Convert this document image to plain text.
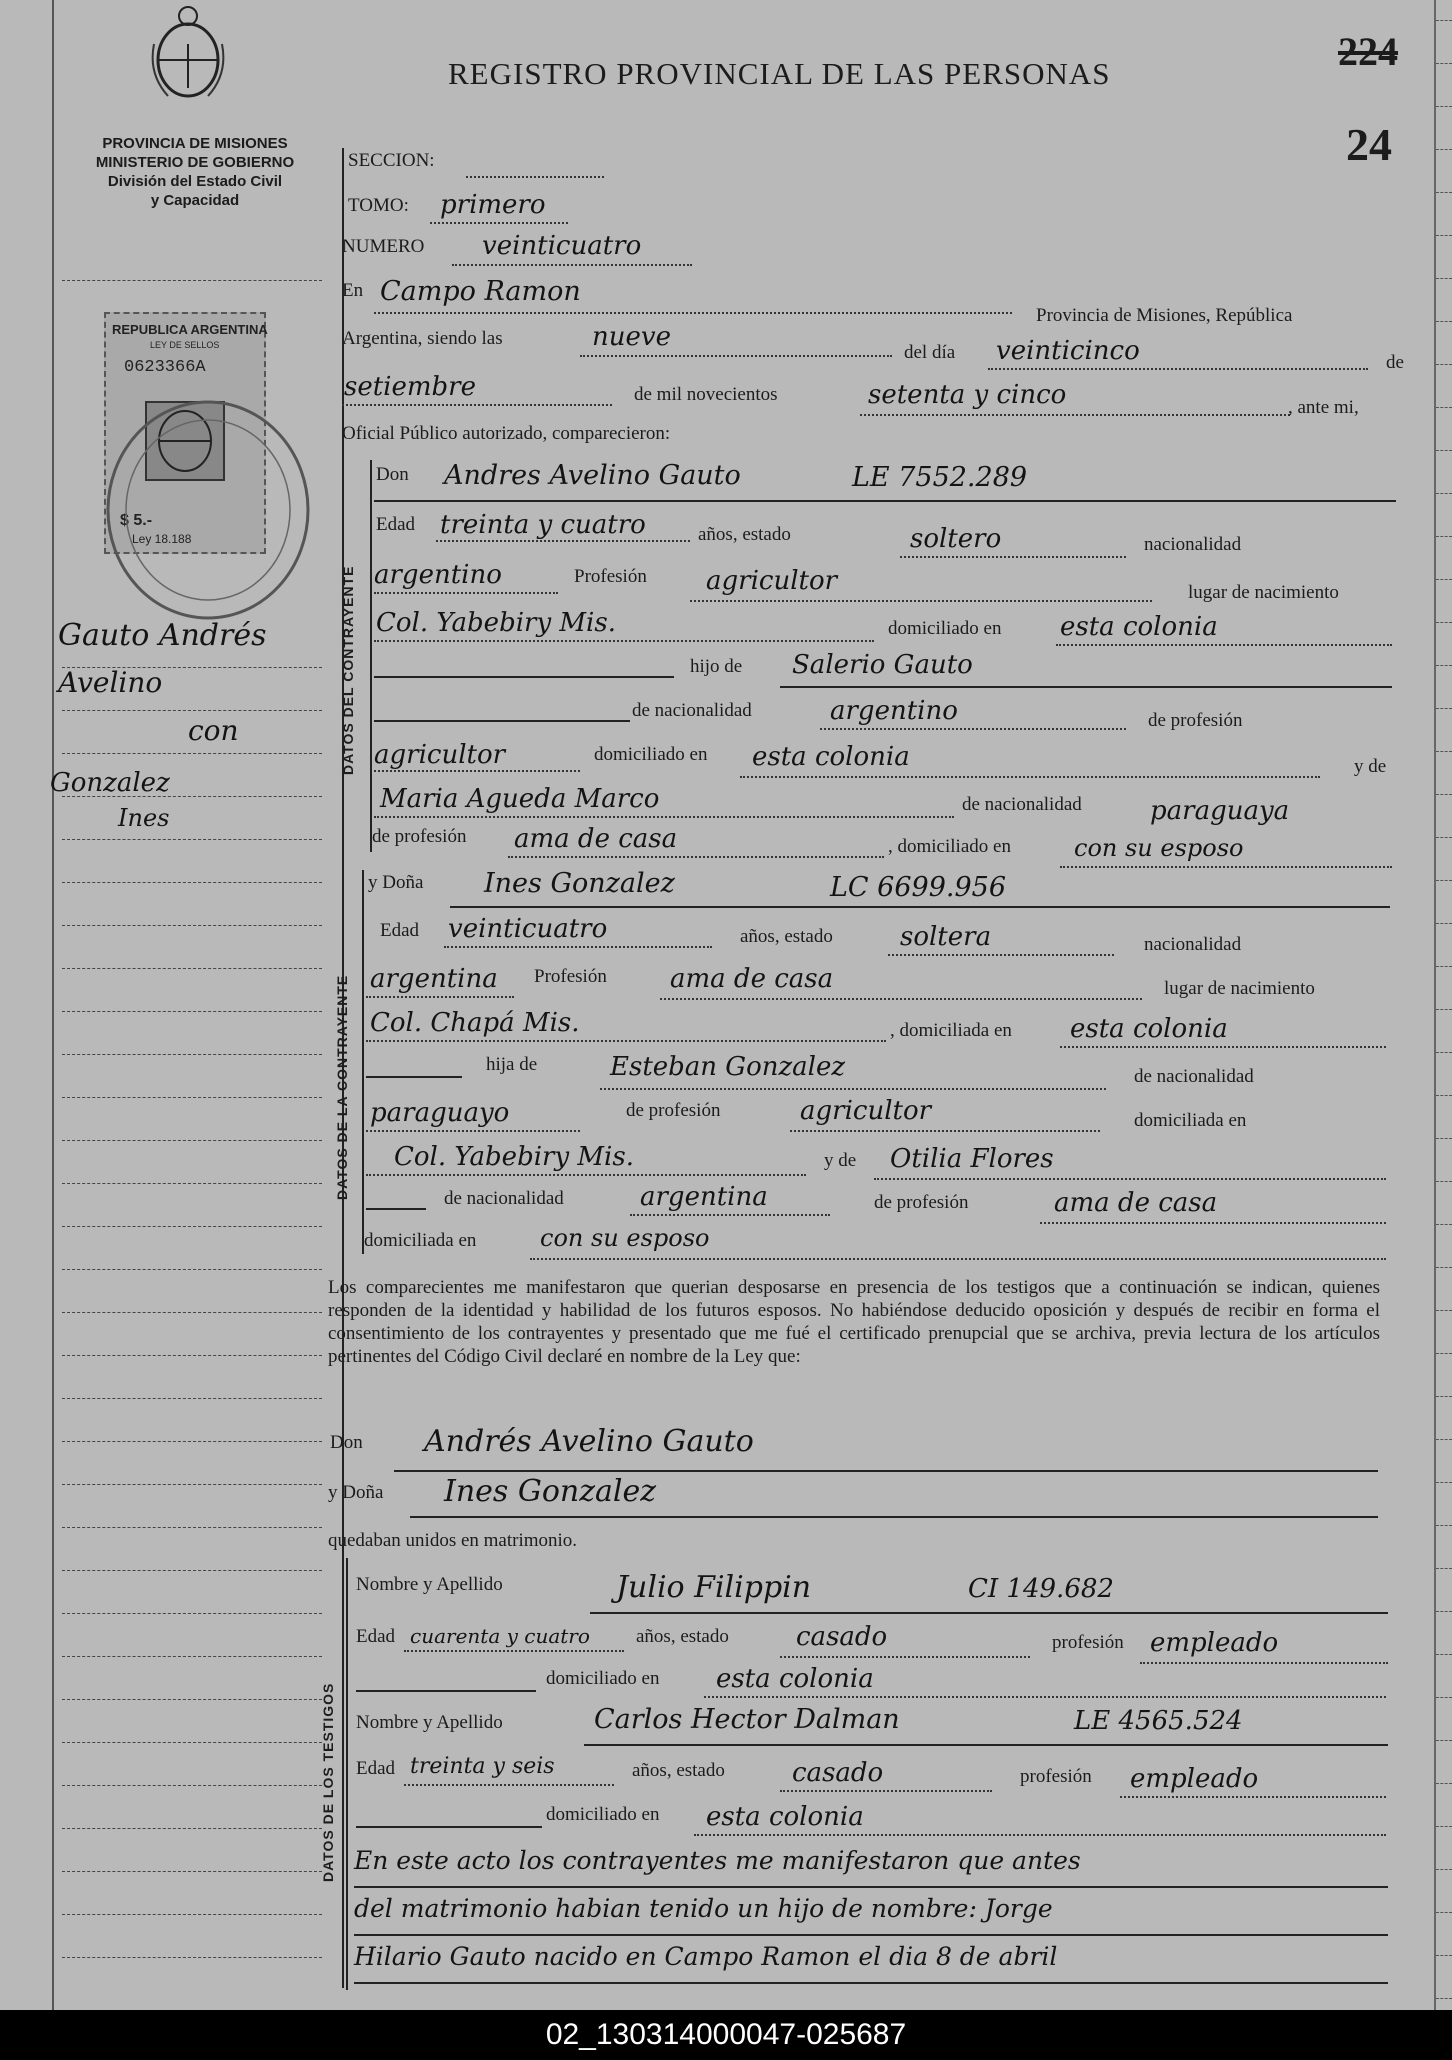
REGISTRO PROVINCIAL DE LAS PERSONAS	224
24
PROVINCIA DE MISIONES
MINISTERIO DE GOBIERNO
División del Estado Civil
y Capacidad
REPUBLICA ARGENTINA
LEY DE SELLOS
0623366A
$ 5.-
Ley 18.188
Gauto Andrés
Avelino
con
Gonzalez
Ines
SECCION:
TOMO: primero
NUMERO veinticuatro
En Campo Ramon
Provincia de Misiones, República
Argentina, siendo las	nueve
del día veinticinco	de
setiembre	de mil novecientos	setenta y cinco	, ante mi,
Oficial Público autorizado, comparecieron:
DATOS DEL CONTRAYENTE
Don Andres Avelino Gauto	LE 7552.289
Edad treinta y cuatro	años, estado	soltero	nacionalidad
argentino	Profesión agricultor	lugar de nacimiento
Col. Yabebiry Mis.	domiciliado en esta colonia
hijo de Salerio Gauto
de nacionalidad	argentino	de profesión
agricultor	domiciliado en esta colonia	y de
Maria Agueda Marco	de nacionalidad	paraguaya
de profesión ama de casa	, domiciliado en	con su esposo
DATOS DE LA CONTRAYENTE
y Doña Ines Gonzalez	LC 6699.956
Edad veinticuatro	años, estado	soltera	nacionalidad
argentina Profesión ama de casa	lugar de nacimiento
Col. Chapá Mis.	, domiciliada en esta colonia
hija de	Esteban Gonzalez	de nacionalidad
paraguayo	de profesión	agricultor	domiciliada en
Col. Yabebiry Mis.	y de Otilia Flores
de nacionalidad	argentina	de profesión	ama de casa
domiciliada en	con su esposo
Los comparecientes me manifestaron que querian desposarse en presencia de los testigos que a continuación se indican, quienes responden de la identidad y habilidad de los futuros esposos. No habiéndose deducido oposición y después de recibir en forma el consentimiento de los contrayentes y presentado que me fué el certificado prenupcial que se archiva, previa lectura de los artículos pertinentes del Código Civil declaré en nombre de la Ley que:
Don Andrés Avelino Gauto
y Doña Ines Gonzalez
quedaban unidos en matrimonio.
DATOS DE LOS TESTIGOS
Nombre y Apellido	Julio Filippin	CI 149.682
Edad cuarenta y cuatro años, estado	casado	profesión empleado
domiciliado en esta colonia
Nombre y Apellido	Carlos Hector Dalman	LE 4565.524
Edad treinta y seis	años, estado	casado	profesión empleado
domiciliado en esta colonia
En este acto los contrayentes me manifestaron que antes
del matrimonio habian tenido un hijo de nombre: Jorge
Hilario Gauto nacido en Campo Ramon el dia 8 de abril
02_130314000047-025687
